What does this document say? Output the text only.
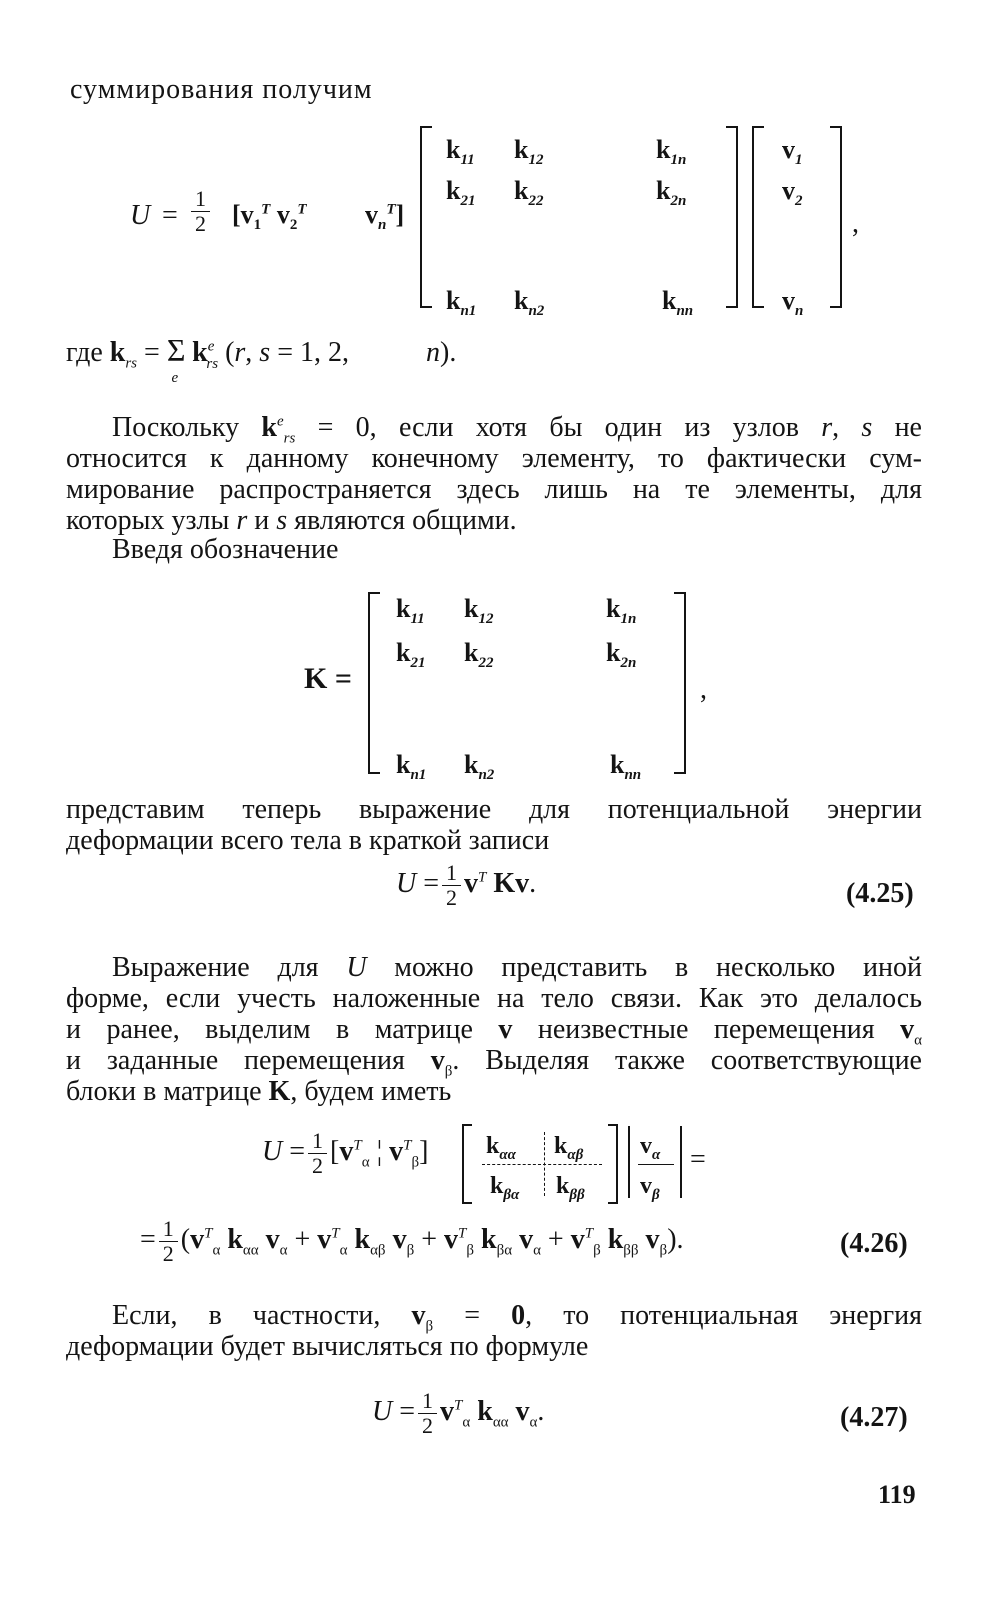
суммирования получим
$U = \frac{1}{2} [v_1^T$ $v_2^T$         $v_n^T$]
$k_{11}$ $k_{12}$	$k_{1n}$
$k_{21}$ $k_{22}$	$k_{2n}$
$k_{n1}$ $k_{n2}$	$k_{nn}$
$v_1$
$v_2$
$v_n$
,
где $k_{rs} = \Sigma_ek^e_{rs}$ (r, s = 1, 2,           n).
Поскольку $k^e_{rs} = 0$, если хотя бы один из узлов r, s не
относится к данному конечному элементу, то фактически сум-
мирование распространяется здесь лишь на те элементы, для
которых узлы r и s являются общими.
Введя обозначение
K =
$k_{11}$ $k_{12}$	$k_{1n}$
$k_{21}$ $k_{22}$	$k_{2n}$
$k_{n1}$ $k_{n2}$	$k_{nn}$
,
представим теперь выражение для потенциальной энергии
деформации всего тела в краткой записи
$U = \frac{1}{2} v^T$ Kv.	(4.25)
Выражение для U можно представить в несколько иной
форме, если учесть наложенные на тело связи. Как это делалось
и ранее, выделим в матрице v неизвестные перемещения $v_\alpha$
и заданные перемещения $v_\beta$. Выделяя также соответствующие
блоки в матрице K, будем иметь
$U = \frac{1}{2} [v^T_\alpha$ ¦ $v^T_\beta$] $k_{\alpha\alpha}$ $k_{\alpha\beta}$
$k_{\beta\alpha}$ $k_{\beta\beta}$
$v_\alpha$
$v_\beta$
=
= $\frac{1}{2} (v^T_\alpha$ $k_{\alpha\alpha}$ $v_\alpha + v^T_\alpha$ $k_{\alpha\beta}$ $v_\beta + v^T_\beta$ $k_{\beta\alpha}$ $v_\alpha + v^T_\beta$ $k_{\beta\beta}$ $v_\beta$).	(4.26)
Если, в частности, $v_\beta = 0$, то потенциальная энергия
деформации будет вычисляться по формуле
$U = \frac{1}{2} v^T_\alpha$ $k_{\alpha\alpha}$ $v_\alpha$.	(4.27)
119
